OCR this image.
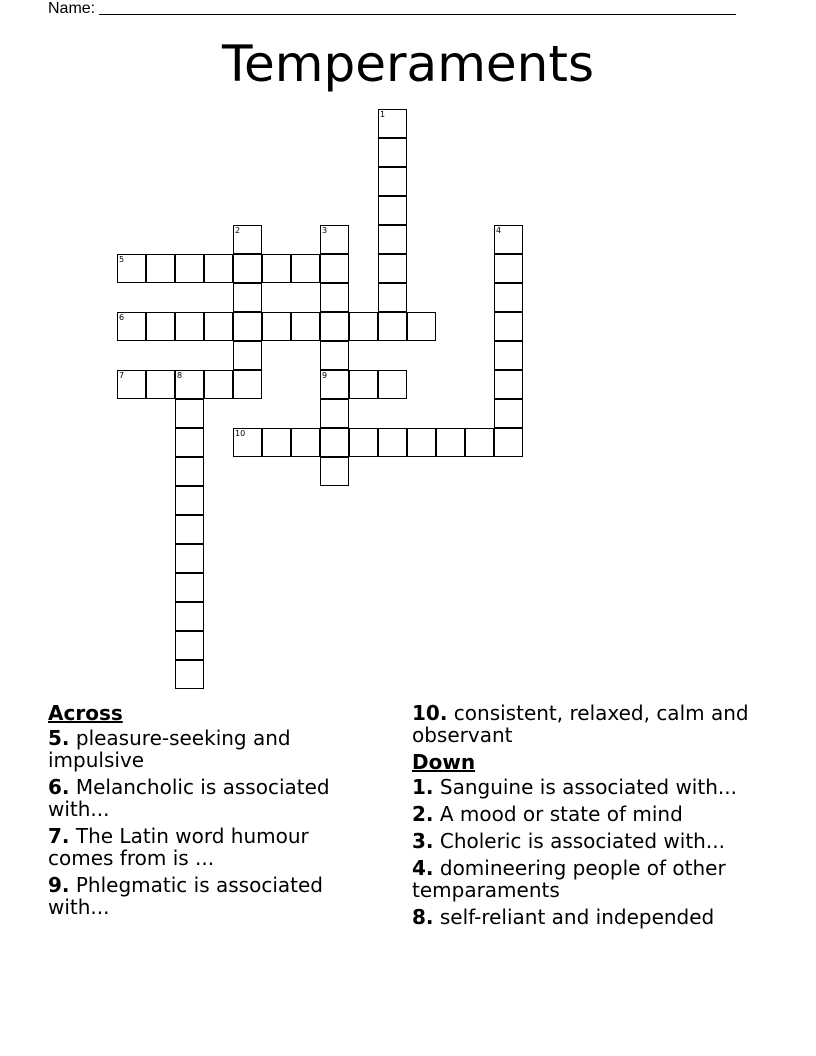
Name:
Temperaments
1
2	3
9
4
5
6
7	8
10
Across
5. pleasure-seeking and impulsive
6. Melancholic is associated with...
7. The Latin word humour comes from is ...
9. Phlegmatic is associated with...
10. consistent, relaxed, calm and observant
Down
1. Sanguine is associated with...
2. A mood or state of mind
3. Choleric is associated with...
4. domineering people of other temparaments
8. self-reliant and independed
